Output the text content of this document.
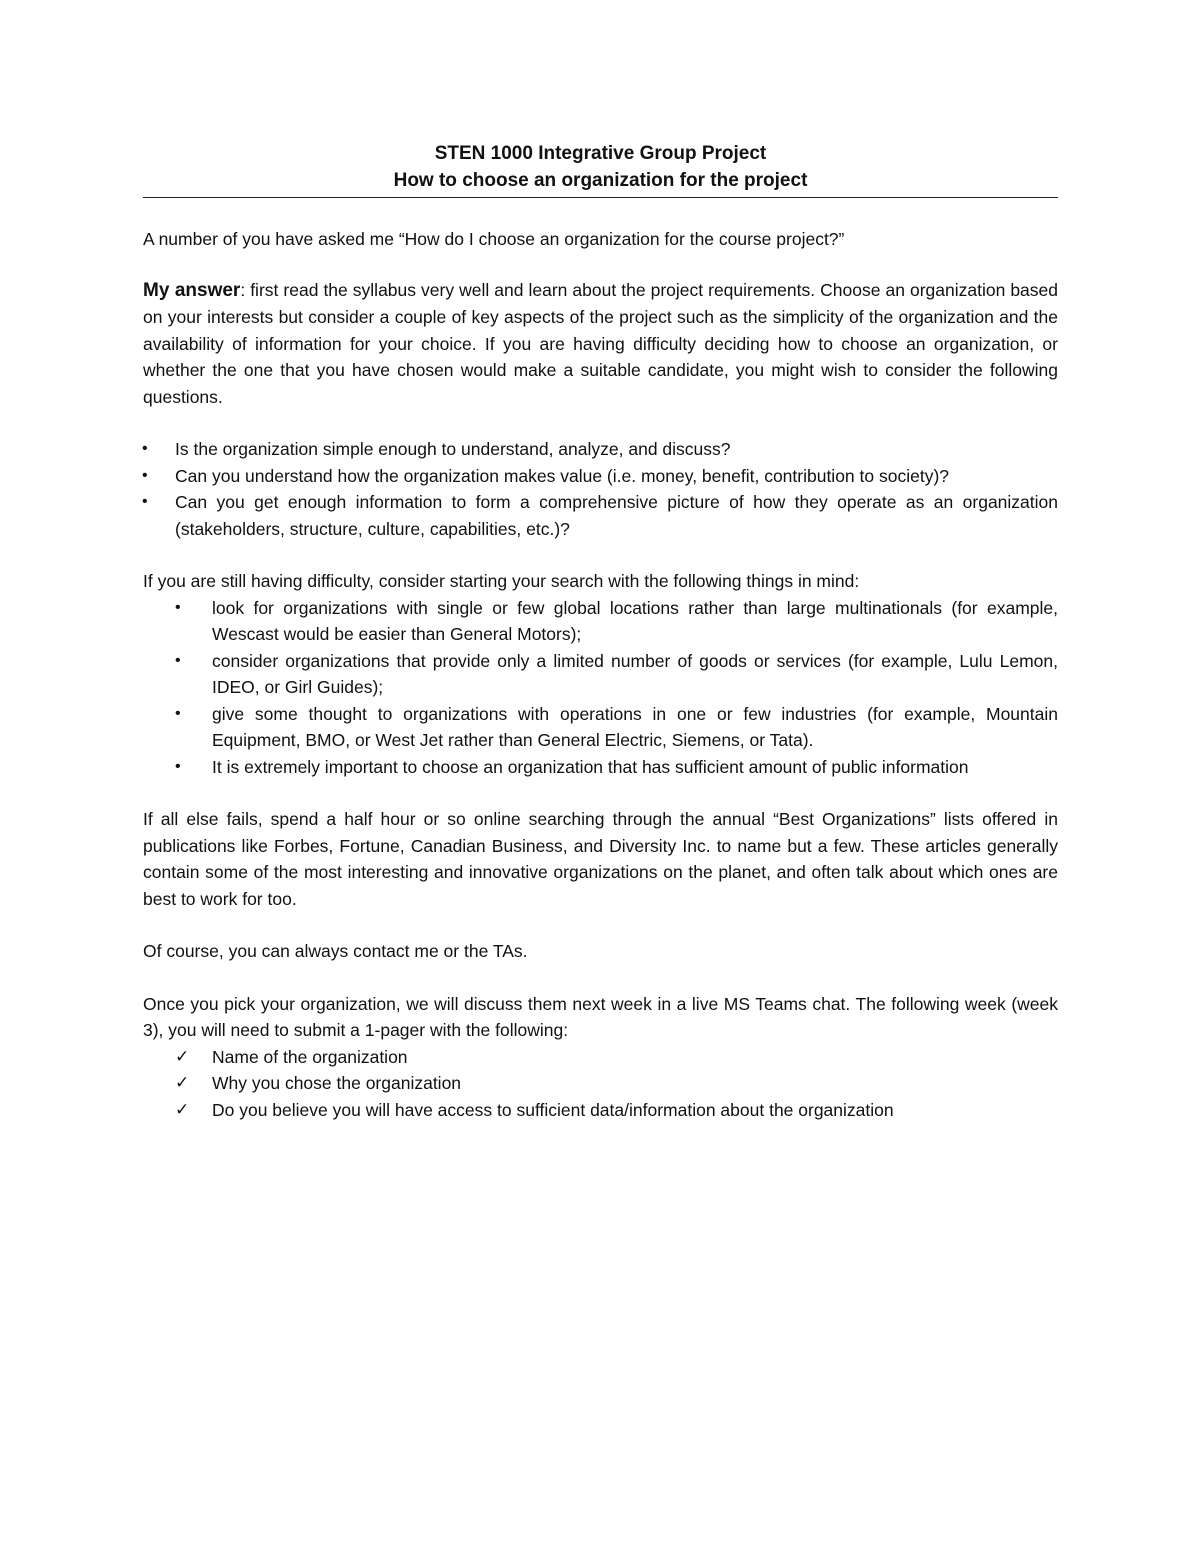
STEN 1000 Integrative Group Project
How to choose an organization for the project

A number of you have asked me “How do I choose an organization for the course project?”

My answer: first read the syllabus very well and learn about the project requirements. Choose an organization based on your interests but consider a couple of key aspects of the project such as the simplicity of the organization and the availability of information for your choice. If you are having difficulty deciding how to choose an organization, or whether the one that you have chosen would make a suitable candidate, you might wish to consider the following questions.

• Is the organization simple enough to understand, analyze, and discuss?
• Can you understand how the organization makes value (i.e. money, benefit, contribution to society)?
• Can you get enough information to form a comprehensive picture of how they operate as an organization (stakeholders, structure, culture, capabilities, etc.)?

If you are still having difficulty, consider starting your search with the following things in mind:

• look for organizations with single or few global locations rather than large multinationals (for example, Wescast would be easier than General Motors);
• consider organizations that provide only a limited number of goods or services (for example, Lulu Lemon, IDEO, or Girl Guides);
• give some thought to organizations with operations in one or few industries (for example, Mountain Equipment, BMO, or West Jet rather than General Electric, Siemens, or Tata).
• It is extremely important to choose an organization that has sufficient amount of public information

If all else fails, spend a half hour or so online searching through the annual “Best Organizations” lists offered in publications like Forbes, Fortune, Canadian Business, and Diversity Inc. to name but a few. These articles generally contain some of the most interesting and innovative organizations on the planet, and often talk about which ones are best to work for too.

Of course, you can always contact me or the TAs.

Once you pick your organization, we will discuss them next week in a live MS Teams chat. The following week (week 3), you will need to submit a 1-pager with the following:

✓ Name of the organization
✓ Why you chose the organization
✓ Do you believe you will have access to sufficient data/information about the organization
